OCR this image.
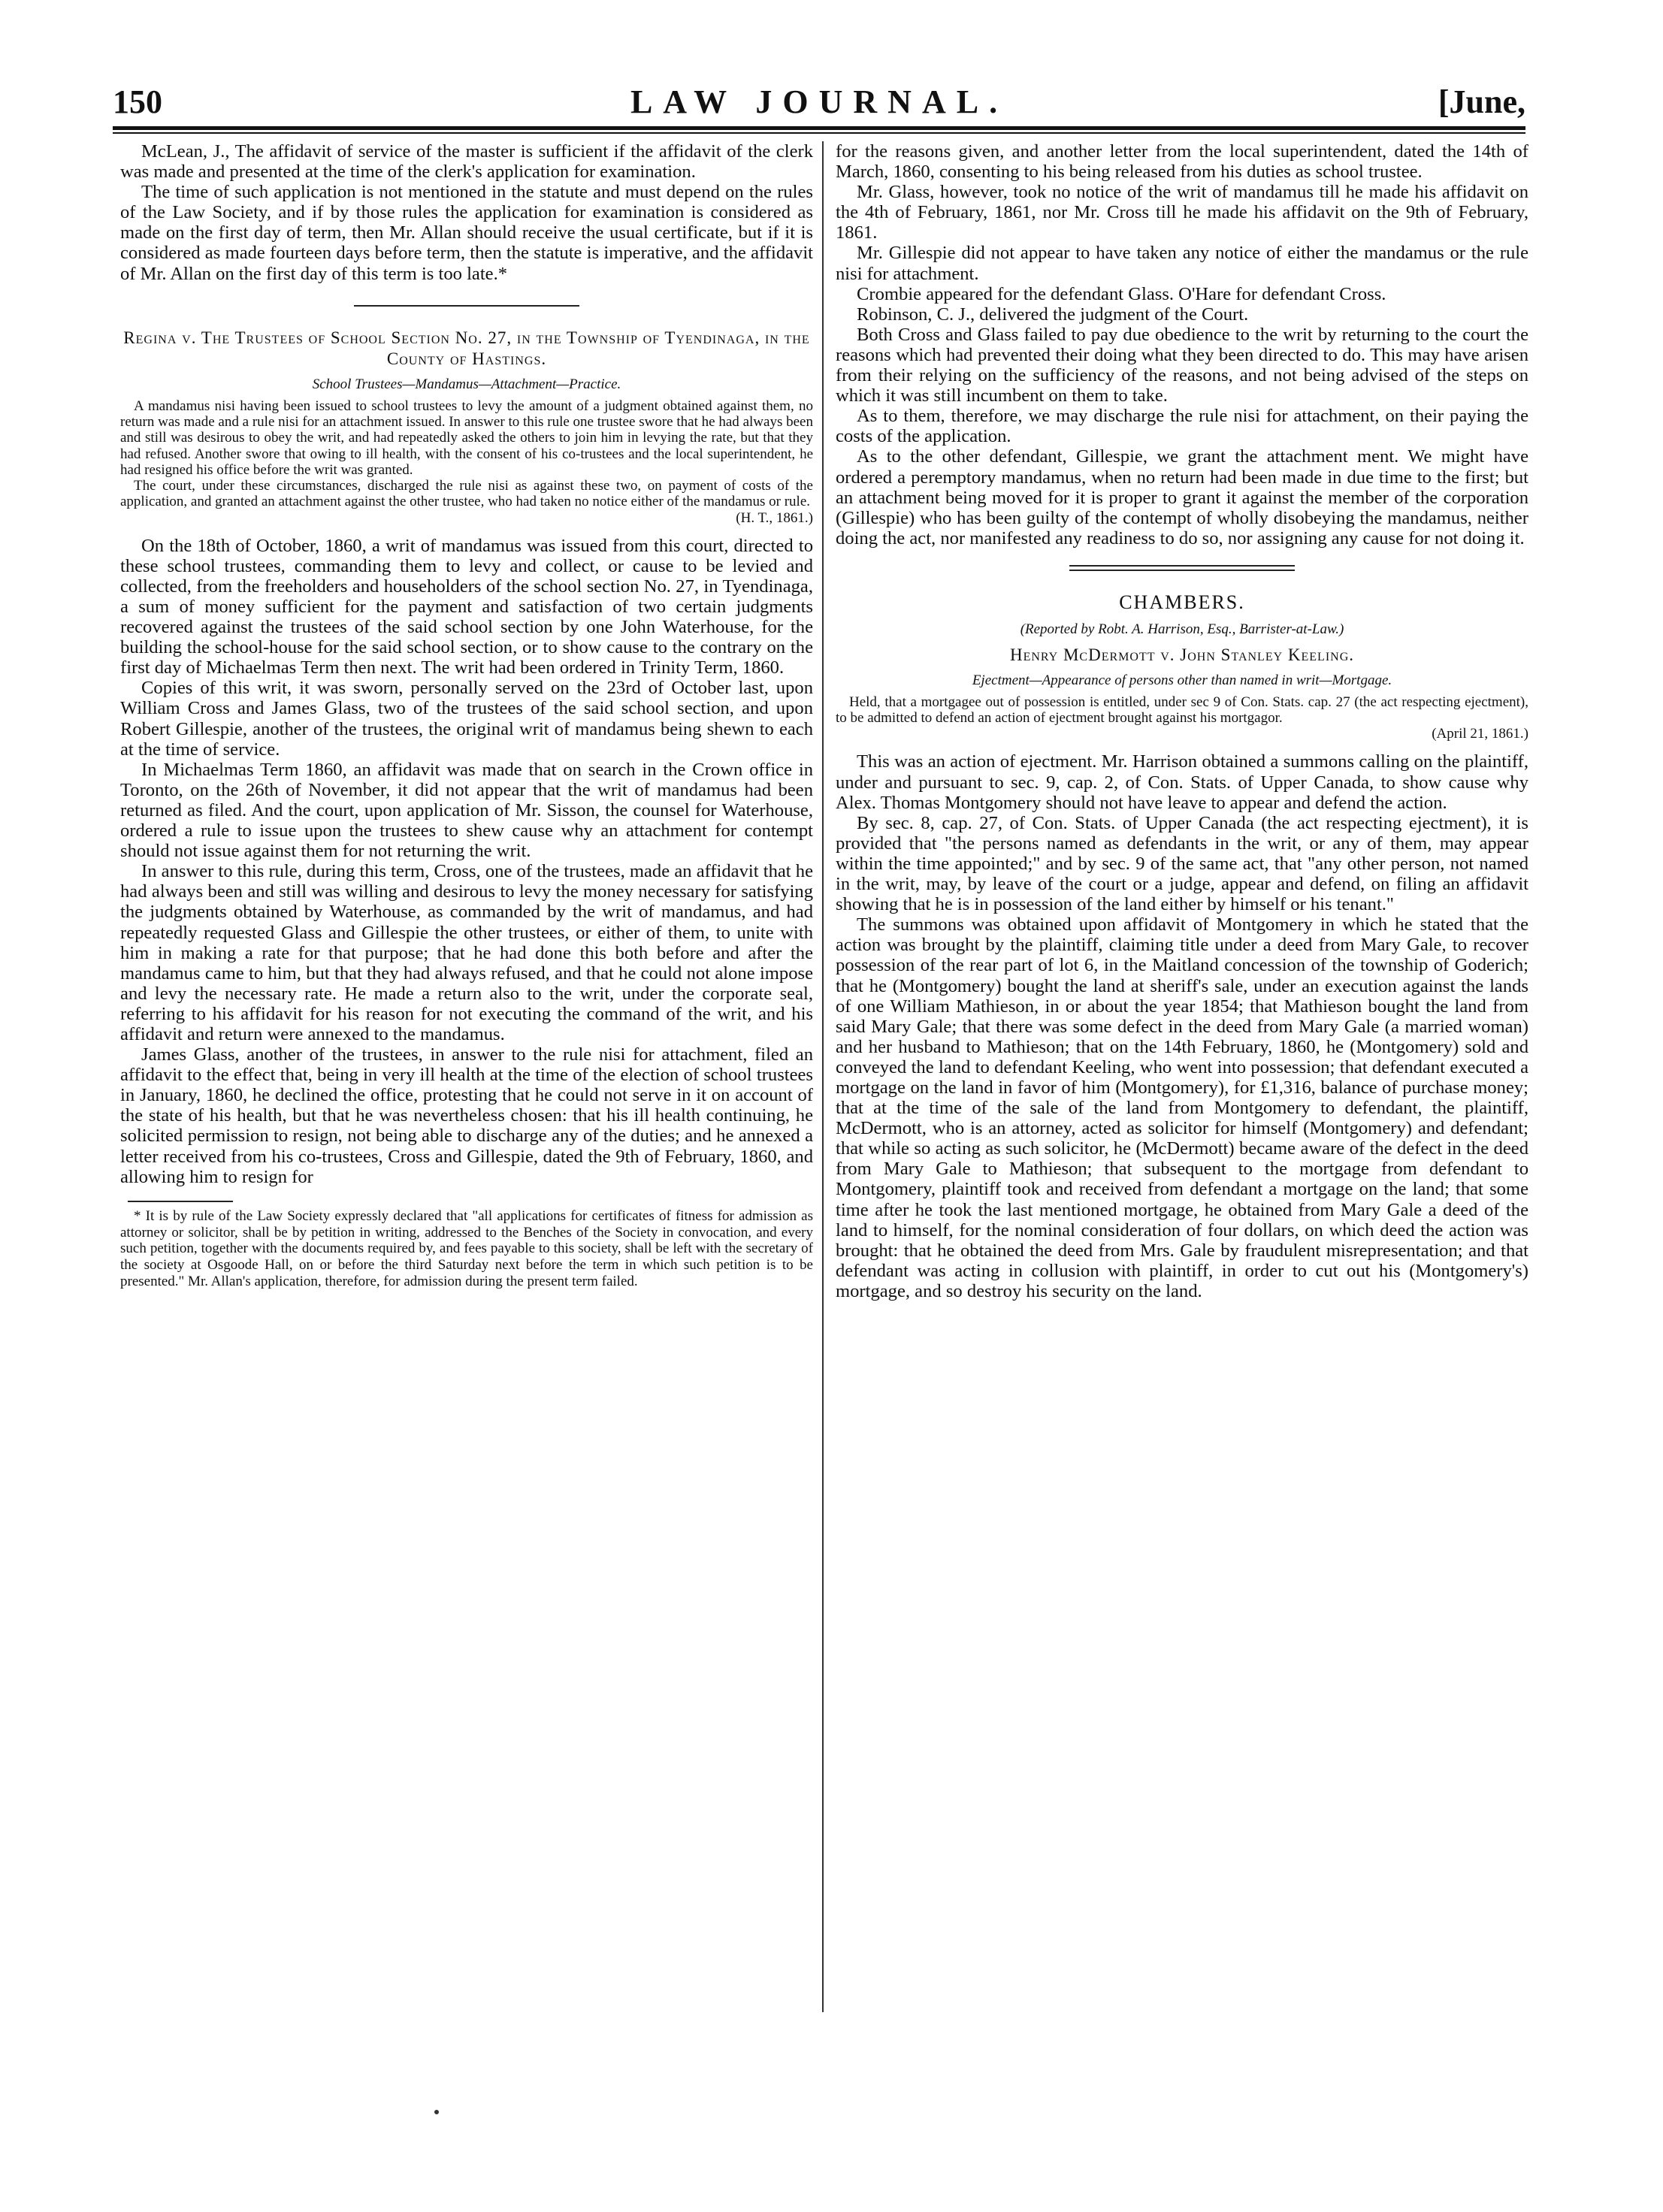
150	LAW JOURNAL.	[June,

McLean, J., The affidavit of service of the master is sufficient if the affidavit of the clerk was made and presented at the time of the clerk's application for examination.

The time of such application is not mentioned in the statute and must depend on the rules of the Law Society, and if by those rules the application for examination is considered as made on the first day of term, then Mr. Allan should receive the usual certificate, but if it is considered as made fourteen days before term, then the statute is imperative, and the affidavit of Mr. Allan on the first day of this term is too late.*

Regina v. The Trustees of School Section No. 27, in the Township of Tyendinaga, in the County of Hastings.
School Trustees—Mandamus—Attachment—Practice.
A mandamus nisi having been issued to school trustees to levy the amount of a judgment obtained against them, no return was made and a rule nisi for an attachment issued. In answer to this rule one trustee swore that he had always been and still was desirous to obey the writ, and had repeatedly asked the others to join him in levying the rate, but that they had refused. Another swore that owing to ill health, with the consent of his co-trustees and the local superintendent, he had resigned his office before the writ was granted.
The court, under these circumstances, discharged the rule nisi as against these two, on payment of costs of the application, and granted an attachment against the other trustee, who had taken no notice either of the mandamus or rule.
(H. T., 1861.)

On the 18th of October, 1860, a writ of mandamus was issued from this court, directed to these school trustees, commanding them to levy and collect, or cause to be levied and collected, from the freeholders and householders of the school section No. 27, in Tyendinaga, a sum of money sufficient for the payment and satisfaction of two certain judgments recovered against the trustees of the said school section by one John Waterhouse, for the building the school-house for the said school section, or to show cause to the contrary on the first day of Michaelmas Term then next. The writ had been ordered in Trinity Term, 1860.

Copies of this writ, it was sworn, personally served on the 23rd of October last, upon William Cross and James Glass, two of the trustees of the said school section, and upon Robert Gillespie, another of the trustees, the original writ of mandamus being shewn to each at the time of service.

In Michaelmas Term 1860, an affidavit was made that on search in the Crown office in Toronto, on the 26th of November, it did not appear that the writ of mandamus had been returned as filed. And the court, upon application of Mr. Sisson, the counsel for Waterhouse, ordered a rule to issue upon the trustees to shew cause why an attachment for contempt should not issue against them for not returning the writ.

In answer to this rule, during this term, Cross, one of the trustees, made an affidavit that he had always been and still was willing and desirous to levy the money necessary for satisfying the judgments obtained by Waterhouse, as commanded by the writ of mandamus, and had repeatedly requested Glass and Gillespie the other trustees, or either of them, to unite with him in making a rate for that purpose; that he had done this both before and after the mandamus came to him, but that they had always refused, and that he could not alone impose and levy the necessary rate. He made a return also to the writ, under the corporate seal, referring to his affidavit for his reason for not executing the command of the writ, and his affidavit and return were annexed to the mandamus.

James Glass, another of the trustees, in answer to the rule nisi for attachment, filed an affidavit to the effect that, being in very ill health at the time of the election of school trustees in January, 1860, he declined the office, protesting that he could not serve in it on account of the state of his health, but that he was nevertheless chosen: that his ill health continuing, he solicited permission to resign, not being able to discharge any of the duties; and he annexed a letter received from his co-trustees, Cross and Gillespie, dated the 9th of February, 1860, and allowing him to resign for

* It is by rule of the Law Society expressly declared that "all applications for certificates of fitness for admission as attorney or solicitor, shall be by petition in writing, addressed to the Benches of the Society in convocation, and every such petition, together with the documents required by, and fees payable to this society, shall be left with the secretary of the society at Osgoode Hall, on or before the third Saturday next before the term in which such petition is to be presented." Mr. Allan's application, therefore, for admission during the present term failed.

for the reasons given, and another letter from the local superintendent, dated the 14th of March, 1860, consenting to his being released from his duties as school trustee.

Mr. Glass, however, took no notice of the writ of mandamus till he made his affidavit on the 4th of February, 1861, nor Mr. Cross till he made his affidavit on the 9th of February, 1861.

Mr. Gillespie did not appear to have taken any notice of either the mandamus or the rule nisi for attachment.

Crombie appeared for the defendant Glass. O'Hare for defendant Cross.

Robinson, C. J., delivered the judgment of the Court.

Both Cross and Glass failed to pay due obedience to the writ by returning to the court the reasons which had prevented their doing what they been directed to do. This may have arisen from their relying on the sufficiency of the reasons, and not being advised of the steps on which it was still incumbent on them to take.

As to them, therefore, we may discharge the rule nisi for attachment, on their paying the costs of the application.

As to the other defendant, Gillespie, we grant the attachment ment. We might have ordered a peremptory mandamus, when no return had been made in due time to the first; but an attachment being moved for it is proper to grant it against the member of the corporation (Gillespie) who has been guilty of the contempt of wholly disobeying the mandamus, neither doing the act, nor manifested any readiness to do so, nor assigning any cause for not doing it.

CHAMBERS.
(Reported by Robt. A. Harrison, Esq., Barrister-at-Law.)
Henry McDermott v. John Stanley Keeling.
Ejectment—Appearance of persons other than named in writ—Mortgage.
Held, that a mortgagee out of possession is entitled, under sec 9 of Con. Stats. cap. 27 (the act respecting ejectment), to be admitted to defend an action of ejectment brought against his mortgagor.
(April 21, 1861.)

This was an action of ejectment. Mr. Harrison obtained a summons calling on the plaintiff, under and pursuant to sec. 9, cap. 2, of Con. Stats. of Upper Canada, to show cause why Alex. Thomas Montgomery should not have leave to appear and defend the action.

By sec. 8, cap. 27, of Con. Stats. of Upper Canada (the act respecting ejectment), it is provided that "the persons named as defendants in the writ, or any of them, may appear within the time appointed;" and by sec. 9 of the same act, that "any other person, not named in the writ, may, by leave of the court or a judge, appear and defend, on filing an affidavit showing that he is in possession of the land either by himself or his tenant."

The summons was obtained upon affidavit of Montgomery in which he stated that the action was brought by the plaintiff, claiming title under a deed from Mary Gale, to recover possession of the rear part of lot 6, in the Maitland concession of the township of Goderich; that he (Montgomery) bought the land at sheriff's sale, under an execution against the lands of one William Mathieson, in or about the year 1854; that Mathieson bought the land from said Mary Gale; that there was some defect in the deed from Mary Gale (a married woman) and her husband to Mathieson; that on the 14th February, 1860, he (Montgomery) sold and conveyed the land to defendant Keeling, who went into possession; that defendant executed a mortgage on the land in favor of him (Montgomery), for £1,316, balance of purchase money; that at the time of the sale of the land from Montgomery to defendant, the plaintiff, McDermott, who is an attorney, acted as solicitor for himself (Montgomery) and defendant; that while so acting as such solicitor, he (McDermott) became aware of the defect in the deed from Mary Gale to Mathieson; that subsequent to the mortgage from defendant to Montgomery, plaintiff took and received from defendant a mortgage on the land; that some time after he took the last mentioned mortgage, he obtained from Mary Gale a deed of the land to himself, for the nominal consideration of four dollars, on which deed the action was brought: that he obtained the deed from Mrs. Gale by fraudulent misrepresentation; and that defendant was acting in collusion with plaintiff, in order to cut out his (Montgomery's) mortgage, and so destroy his security on the land.
